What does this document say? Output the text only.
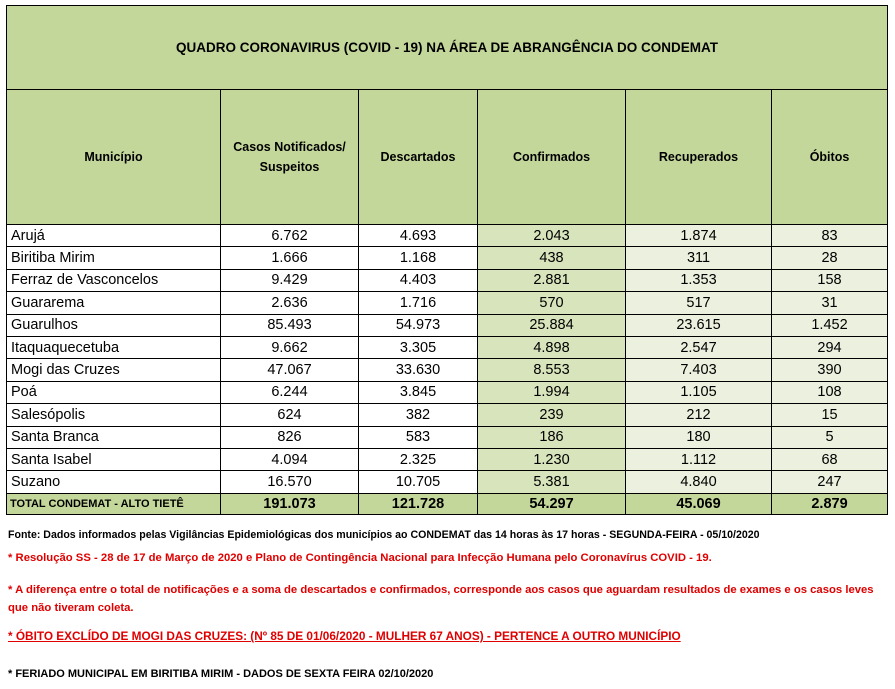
QUADRO CORONAVIRUS (COVID - 19) NA ÁREA DE ABRANGÊNCIA DO CONDEMAT					
Município	Casos Notificados/ Suspeitos	Descartados	Confirmados	Recuperados	Óbitos
Arujá	6.762	4.693	2.043	1.874	83
Biritiba Mirim	1.666	1.168	438	311	28
Ferraz de Vasconcelos	9.429	4.403	2.881	1.353	158
Guararema	2.636	1.716	570	517	31
Guarulhos	85.493	54.973	25.884	23.615	1.452
Itaquaquecetuba	9.662	3.305	4.898	2.547	294
Mogi das Cruzes	47.067	33.630	8.553	7.403	390
Poá	6.244	3.845	1.994	1.105	108
Salesópolis	624	382	239	212	15
Santa Branca	826	583	186	180	5
Santa Isabel	4.094	2.325	1.230	1.112	68
Suzano	16.570	10.705	5.381	4.840	247
TOTAL CONDEMAT - ALTO TIETÊ	191.073	121.728	54.297	45.069	2.879
Fonte: Dados informados pelas Vigilâncias Epidemiológicas dos municípios ao CONDEMAT das 14 horas às 17 horas - SEGUNDA-FEIRA - 05/10/2020
* Resolução SS - 28 de 17 de Março de 2020 e Plano de Contingência Nacional para Infecção Humana pelo Coronavírus COVID - 19.
* A diferença entre o total de notificações e a soma de descartados e confirmados, corresponde aos casos que aguardam resultados de exames e os casos leves que não tiveram coleta.
* ÓBITO EXCLÍDO DE MOGI DAS CRUZES: (Nº 85 DE 01/06/2020 - MULHER 67 ANOS) - PERTENCE A OUTRO MUNICÍPIO
* FERIADO MUNICIPAL EM BIRITIBA MIRIM - DADOS DE SEXTA FEIRA 02/10/2020
